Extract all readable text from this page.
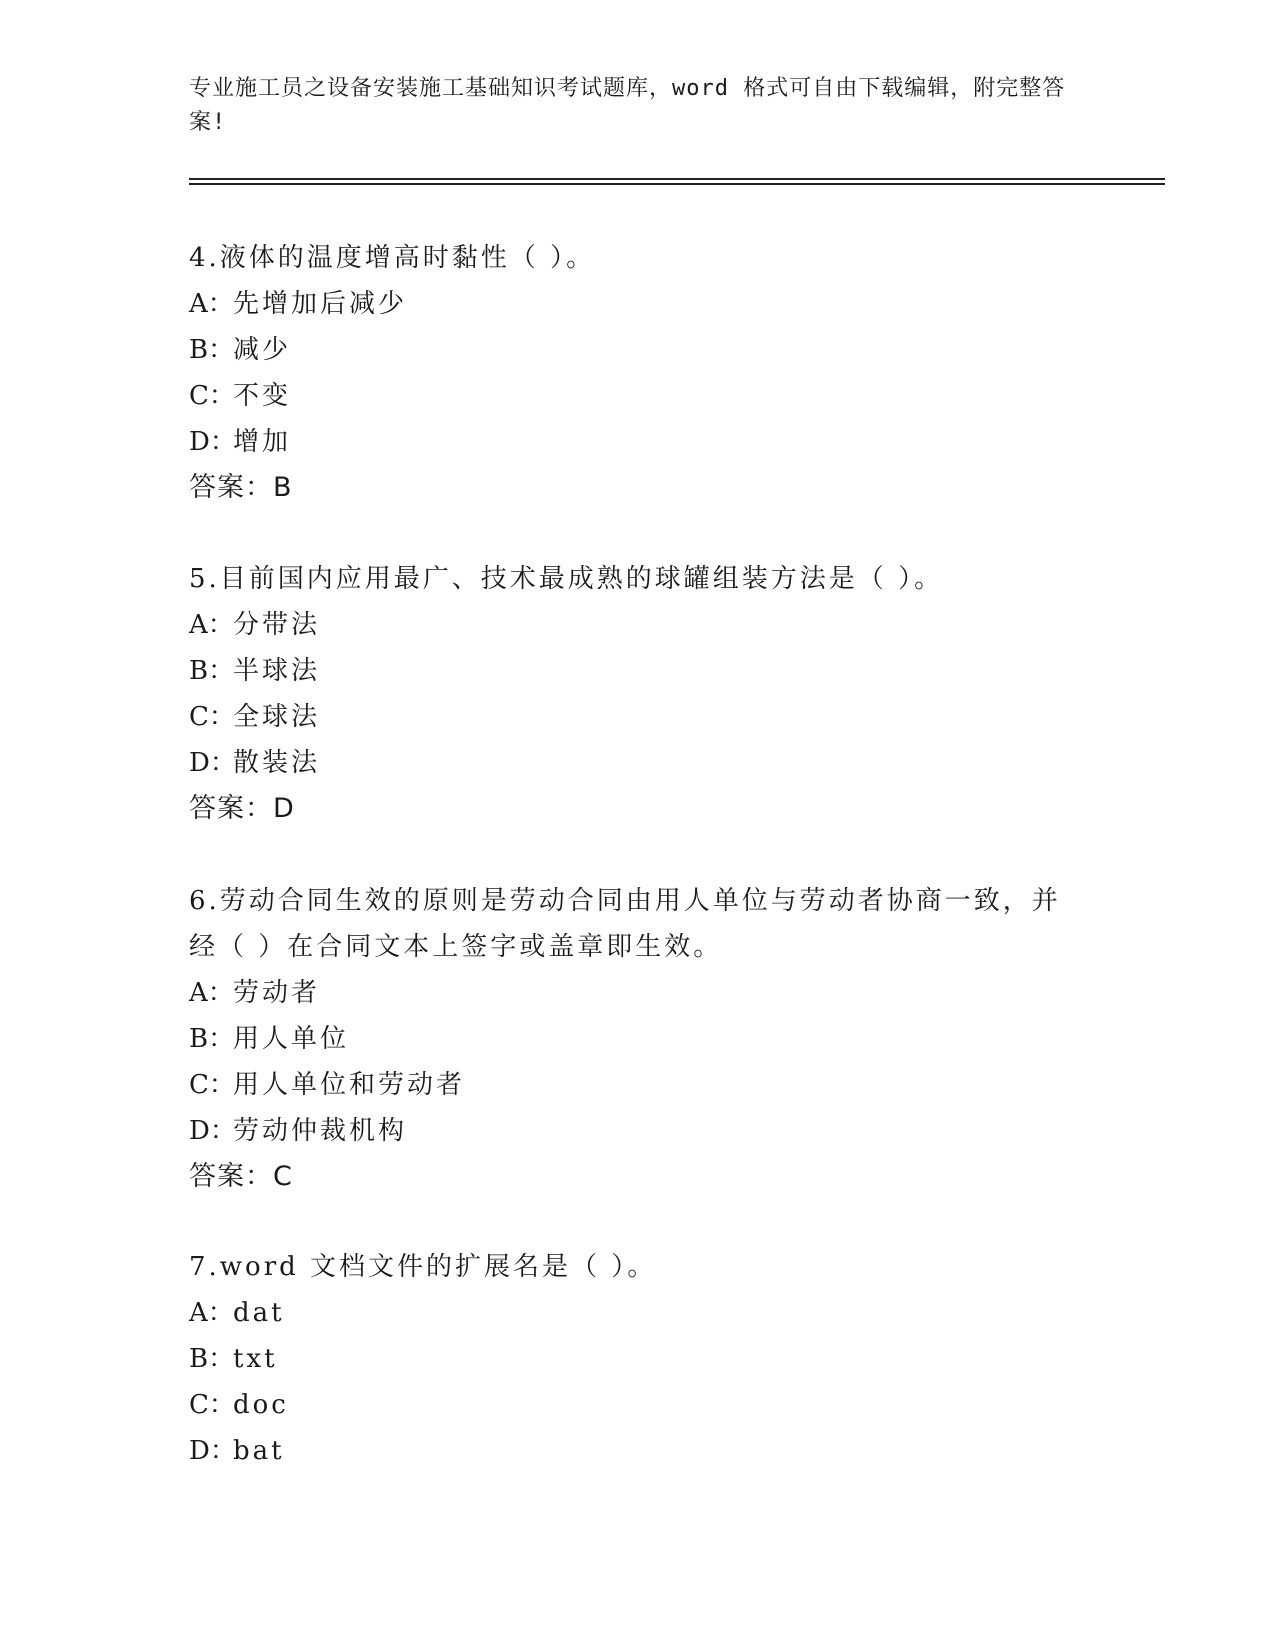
专业施工员之设备安装施工基础知识考试题库，word 格式可自由下载编辑，附完整答案!

4.液体的温度增高时黏性（ ）。

A：先增加后减少

B：减少

C：不变

D：增加

答案：B

5.目前国内应用最广、技术最成熟的球罐组装方法是（ ）。

A：分带法

B：半球法

C：全球法

D：散装法

答案：D

6.劳动合同生效的原则是劳动合同由用人单位与劳动者协商一致，并经（ ）在合同文本上签字或盖章即生效。

A：劳动者

B：用人单位

C：用人单位和劳动者

D：劳动仲裁机构

答案：C

7.word 文档文件的扩展名是（ ）。

A：dat

B：txt

C：doc

D：bat
